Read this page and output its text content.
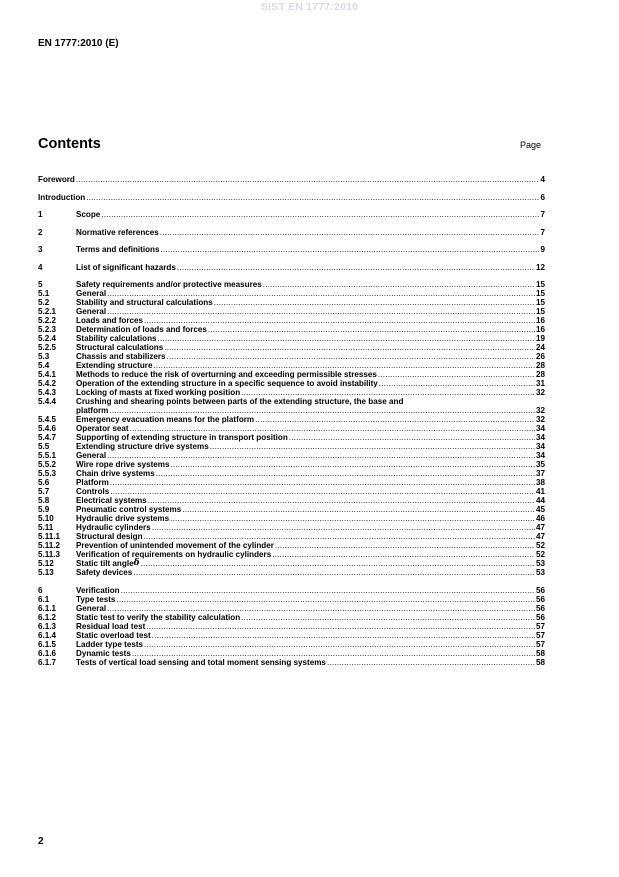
SIST EN 1777:2010
EN 1777:2010 (E)
Contents	Page
Foreword .....	4
Introduction .....	6
1	Scope .....	7
2	Normative references .....	7
3	Terms and definitions .....	9
4	List of significant hazards .....	12
5	Safety requirements and/or protective measures .....	15
5.1	General .....	15
5.2	Stability and structural calculations .....	15
5.2.1	General .....	15
5.2.2	Loads and forces .....	16
5.2.3	Determination of loads and forces .....	16
5.2.4	Stability calculations .....	19
5.2.5	Structural calculations .....	24
5.3	Chassis and stabilizers .....	26
5.4	Extending structure .....	28
5.4.1	Methods to reduce the risk of overturning and exceeding permissible stresses .....	28
5.4.2	Operation of the extending structure in a specific sequence to avoid instability .....	31
5.4.3	Locking of masts at fixed working position .....	32
5.4.4	Crushing and shearing points between parts of the extending structure, the base and
platform .....	32
5.4.5	Emergency evacuation means for the platform .....	32
5.4.6	Operator seat .....	34
5.4.7	Supporting of extending structure in transport position .....	34
5.5	Extending structure drive systems .....	34
5.5.1	General .....	34
5.5.2	Wire rope drive systems .....	35
5.5.3	Chain drive systems .....	37
5.6	Platform .....	38
5.7	Controls .....	41
5.8	Electrical systems .....	44
5.9	Pneumatic control systems .....	45
5.10	Hydraulic drive systems .....	46
5.11	Hydraulic cylinders .....	47
5.11.1	Structural design .....	47
5.11.2	Prevention of unintended movement of the cylinder .....	52
5.11.3	Verification of requirements on hydraulic cylinders .....	52
5.12	Static tilt angle δ .....	53
5.13	Safety devices .....	53
6	Verification .....	56
6.1	Type tests .....	56
6.1.1	General .....	56
6.1.2	Static test to verify the stability calculation .....	56
6.1.3	Residual load test .....	57
6.1.4	Static overload test .....	57
6.1.5	Ladder type tests .....	57
6.1.6	Dynamic tests .....	58
6.1.7	Tests of vertical load sensing and total moment sensing systems .....	58
2
